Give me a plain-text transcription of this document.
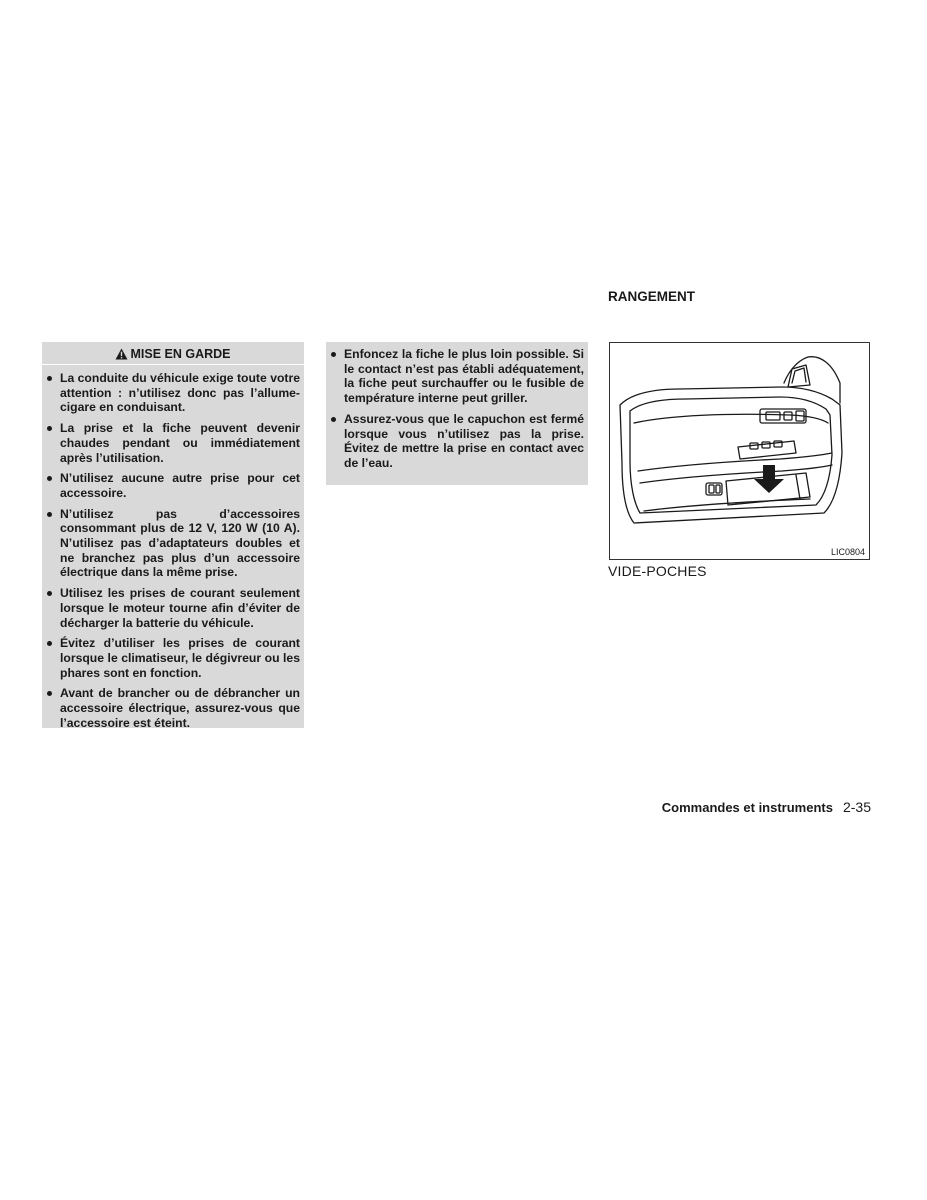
MISE EN GARDE
La conduite du véhicule exige toute votre attention : n’utilisez donc pas l’allume-cigare en conduisant.
La prise et la fiche peuvent devenir chaudes pendant ou immédiatement après l’utilisation.
N’utilisez aucune autre prise pour cet accessoire.
N’utilisez pas d’accessoires consommant plus de 12 V, 120 W (10 A). N’utilisez pas d’adaptateurs doubles et ne branchez pas plus d’un accessoire électrique dans la même prise.
Utilisez les prises de courant seulement lorsque le moteur tourne afin d’éviter de décharger la batterie du véhicule.
Évitez d’utiliser les prises de courant lorsque le climatiseur, le dégivreur ou les phares sont en fonction.
Avant de brancher ou de débrancher un accessoire électrique, assurez-vous que l’accessoire est éteint.
Enfoncez la fiche le plus loin possible. Si le contact n’est pas établi adéquatement, la fiche peut surchauffer ou le fusible de température interne peut griller.
Assurez-vous que le capuchon est fermé lorsque vous n’utilisez pas la prise. Évitez de mettre la prise en contact avec de l’eau.
RANGEMENT
LIC0804
VIDE-POCHES
Commandes et instruments 2-35
